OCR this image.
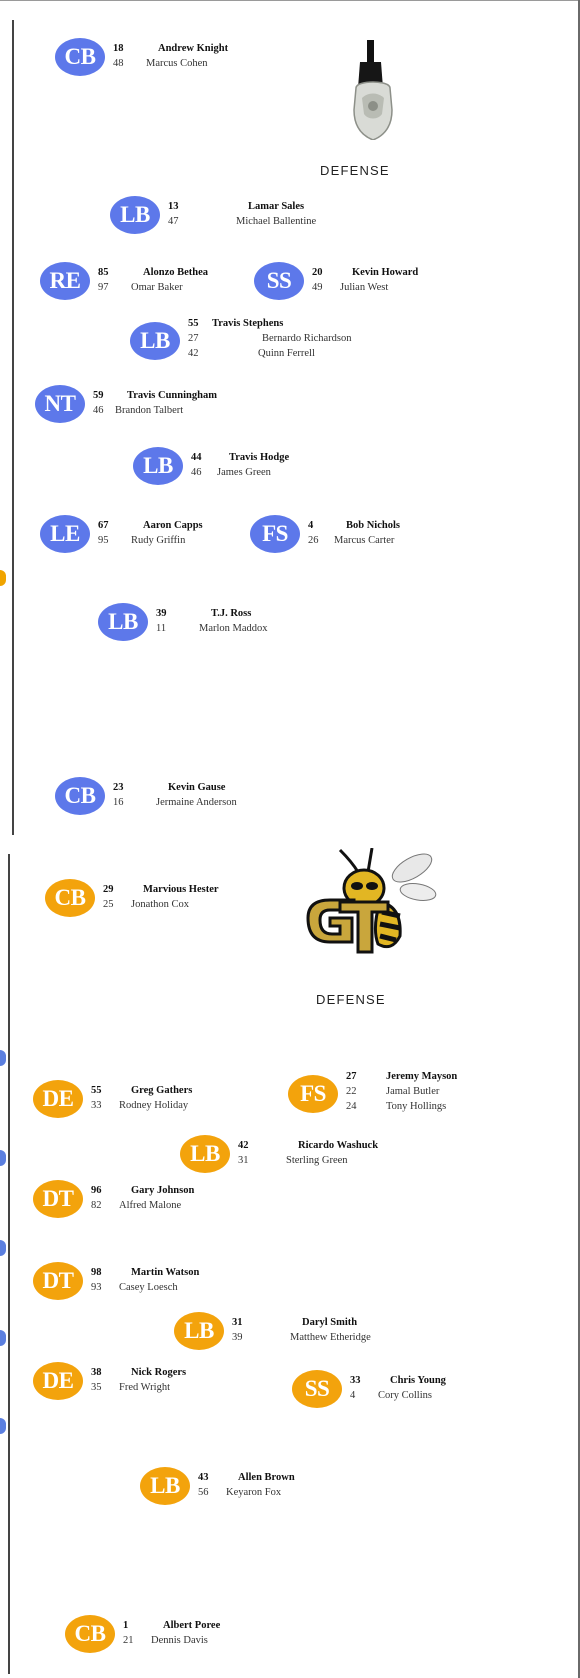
DEFENSE
CB	18	Andrew Knight
48 Marcus Cohen
LB	13	Lamar Sales
47	Michael Ballentine
RE	85	Alonzo Bethea
97 Omar Baker	SS	20	Kevin Howard
49 Julian West
LB
55 Travis Stephens
27	Bernardo Richardson
42	Quinn Ferrell
NT	59 Travis Cunningham
46 Brandon Talbert
LB	44	Travis Hodge
46 James Green
LE	67	Aaron Capps
95 Rudy Griffin	FS	4	Bob Nichols
26 Marcus Carter
LB	39	T.J. Ross
11	Marlon Maddox
CB	23	Kevin Gause
16	Jermaine Anderson
DEFENSE
CB	29	Marvious Hester
25 Jonathon Cox
DE	55	Greg Gathers
33 Rodney Holiday	FS
27	Jeremy Mayson
22	Jamal Butler
24	Tony Hollings
LB	42	Ricardo Washuck
31	Sterling Green
DT	96	Gary Johnson
82 Alfred Malone
DT	98	Martin Watson
93 Casey Loesch
LB	31	Daryl Smith
39	Matthew Etheridge
DE	38	Nick Rogers
35 Fred Wright	SS	33	Chris Young
4 Cory Collins
LB	43	Allen Brown
56 Keyaron Fox
CB	1	Albert Poree
21 Dennis Davis
